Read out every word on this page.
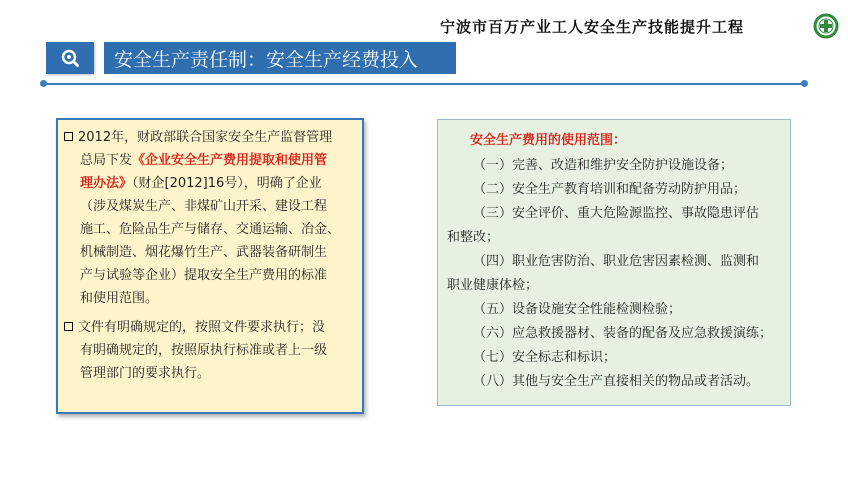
宁波市百万产业工人安全生产技能提升工程
安全生产责任制：安全生产经费投入
2012年，财政部联合国家安全生产监督管理
总局下发《企业安全生产费用提取和使用管
理办法》（财企[2012]16号），明确了企业
（涉及煤炭生产、非煤矿山开采、建设工程
施工、危险品生产与储存、交通运输、冶金、
机械制造、烟花爆竹生产、武器装备研制生
产与试验等企业）提取安全生产费用的标准
和使用范围。
文件有明确规定的，按照文件要求执行；没
有明确规定的，按照原执行标准或者上一级
管理部门的要求执行。
安全生产费用的使用范围：
（一）完善、改造和维护安全防护设施设备；
（二）安全生产教育培训和配备劳动防护用品；
（三）安全评价、重大危险源监控、事故隐患评估
和整改；
（四）职业危害防治、职业危害因素检测、监测和
职业健康体检；
（五）设备设施安全性能检测检验；
（六）应急救援器材、装备的配备及应急救援演练；
（七）安全标志和标识；
（八）其他与安全生产直接相关的物品或者活动。
